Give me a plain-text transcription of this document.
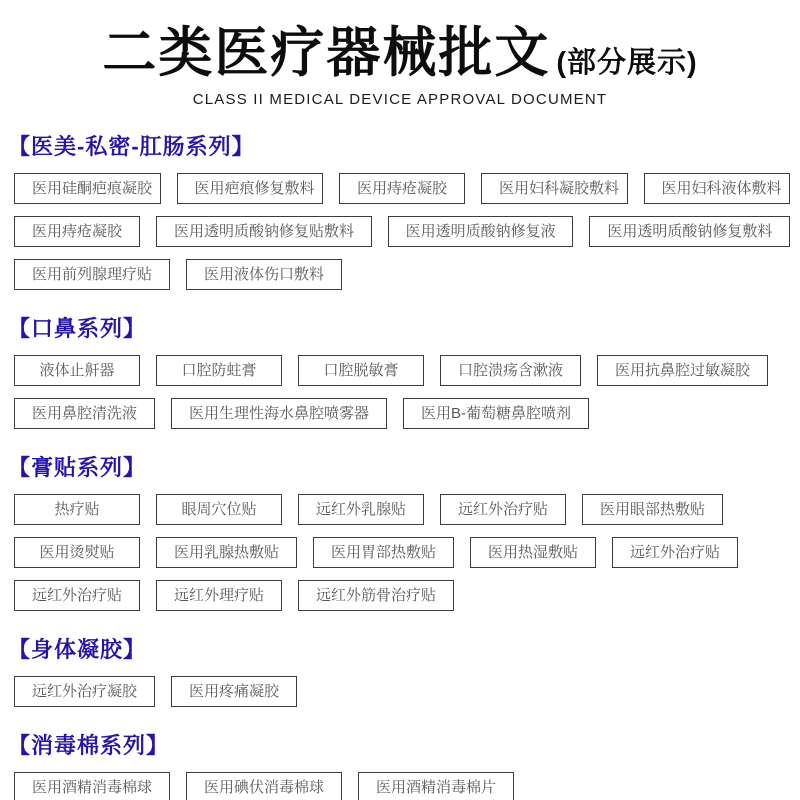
二类医疗器械批文 (部分展示)
CLASS II MEDICAL DEVICE APPROVAL DOCUMENT
【医美-私密-肛肠系列】
医用硅酮疤痕凝胶	医用疤痕修复敷料	医用痔疮凝胶	医用妇科凝胶敷料	医用妇科液体敷料
医用痔疮凝胶	医用透明质酸钠修复贴敷料	医用透明质酸钠修复液	医用透明质酸钠修复敷料
医用前列腺理疗贴	医用液体伤口敷料
【口鼻系列】
液体止鼾器	口腔防蛀膏	口腔脱敏膏	口腔溃疡含漱液	医用抗鼻腔过敏凝胶
医用鼻腔清洗液	医用生理性海水鼻腔喷雾器	医用B-葡萄糖鼻腔喷剂
【膏贴系列】
热疗贴	眼周穴位贴	远红外乳腺贴	远红外治疗贴	医用眼部热敷贴
医用烫熨贴	医用乳腺热敷贴	医用胃部热敷贴	医用热湿敷贴	远红外治疗贴
远红外治疗贴	远红外理疗贴	远红外筋骨治疗贴
【身体凝胶】
远红外治疗凝胶	医用疼痛凝胶
【消毒棉系列】
医用酒精消毒棉球	医用碘伏消毒棉球	医用酒精消毒棉片
